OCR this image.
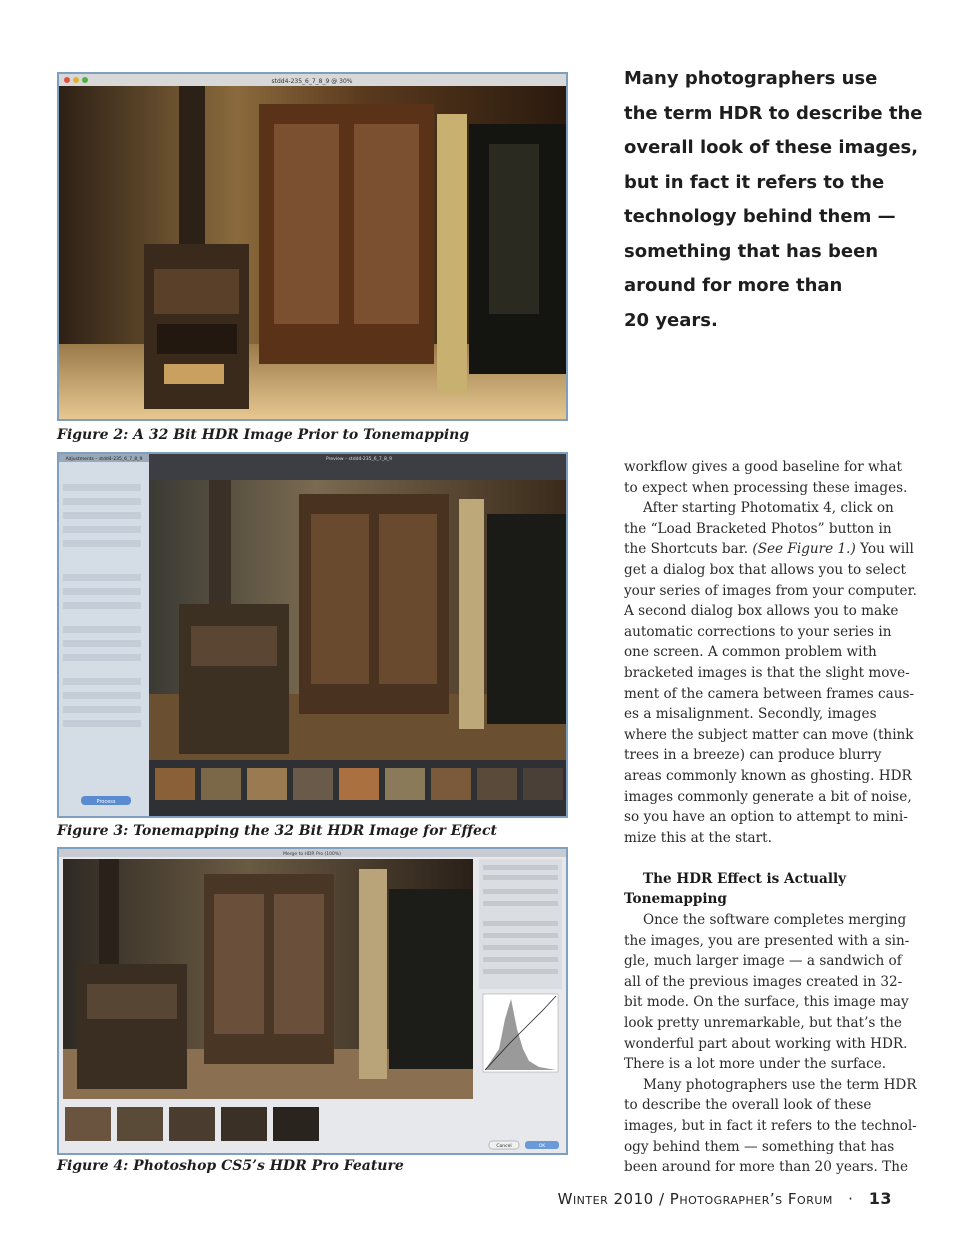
Many photographers use
the term HDR to describe the
overall look of these images,
but in fact it refers to the
technology behind them —
something that has been
around for more than
20 years.
stdd4-235_6_7_8_9 @ 30%
Figure 2: A 32 Bit HDR Image Prior to Tonemapping
Adjustments – stdd4-235_6_7_8_9
Process
Preview – stdd4-235_6_7_8_9
Figure 3: Tonemapping the 32 Bit HDR Image for Effect
Merge to HDR Pro (100%)
Cancel	OK
Figure 4: Photoshop CS5’s HDR Pro Feature
workflow gives a good baseline for what
to expect when processing these images.
After starting Photomatix 4, click on
the “Load Bracketed Photos” button in
the Shortcuts bar. (See Figure 1.) You will
get a dialog box that allows you to select
your series of images from your computer.
A second dialog box allows you to make
automatic corrections to your series in
one screen. A common problem with
bracketed images is that the slight move-
ment of the camera between frames caus-
es a misalignment. Secondly, images
where the subject matter can move (think
trees in a breeze) can produce blurry
areas commonly known as ghosting. HDR
images commonly generate a bit of noise,
so you have an option to attempt to mini-
mize this at the start.
The HDR Effect is Actually
Tonemapping
Once the software completes merging
the images, you are presented with a sin-
gle, much larger image — a sandwich of
all of the previous images created in 32-
bit mode. On the surface, this image may
look pretty unremarkable, but that’s the
wonderful part about working with HDR.
There is a lot more under the surface.
Many photographers use the term HDR
to describe the overall look of these
images, but in fact it refers to the technol-
ogy behind them — something that has
been around for more than 20 years. The
Winter 2010 / Photographer’s Forum · 13
